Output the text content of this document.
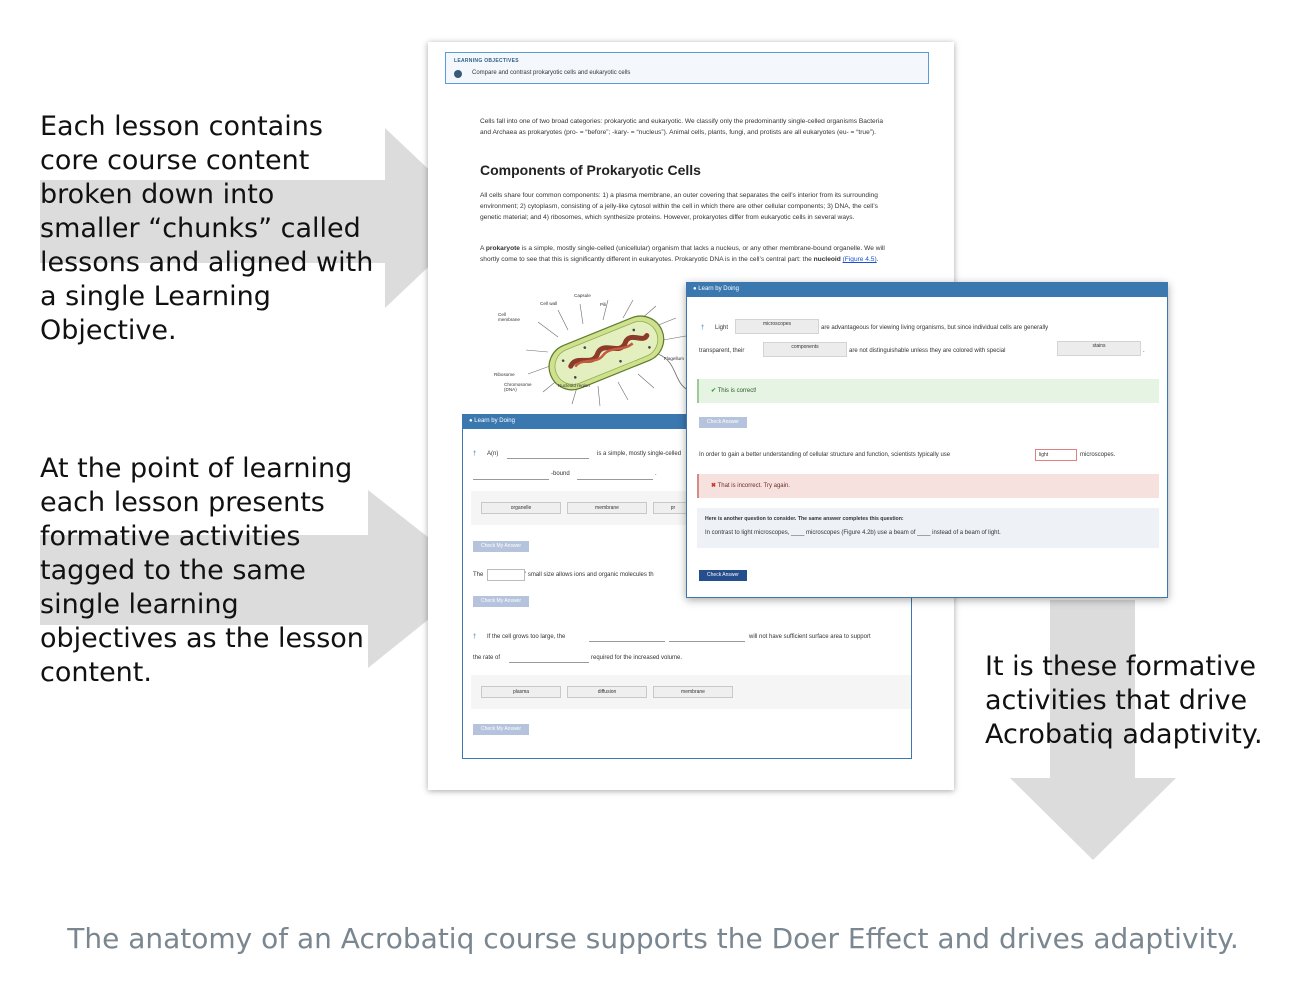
Each lesson contains core course content broken down into smaller “chunks” called lessons and aligned with a single Learning Objective.
At the point of learning each lesson presents formative activities tagged to the same single learning objectives as the lesson content.	It is these formative activities that drive Acrobatiq adaptivity.
LEARNING OBJECTIVES
Compare and contrast prokaryotic cells and eukaryotic cells
Cells fall into one of two broad categories: prokaryotic and eukaryotic. We classify only the predominantly single-celled organisms Bacteria and Archaea as prokaryotes (pro- = “before”; -kary- = “nucleus”). Animal cells, plants, fungi, and protists are all eukaryotes (eu- = “true”).
Components of Prokaryotic Cells
All cells share four common components: 1) a plasma membrane, an outer covering that separates the cell’s interior from its surrounding environment; 2) cytoplasm, consisting of a jelly-like cytosol within the cell in which there are other cellular components; 3) DNA, the cell’s genetic material; and 4) ribosomes, which synthesize proteins. However, prokaryotes differ from eukaryotic cells in several ways.
A prokaryote is a simple, mostly single-celled (unicellular) organism that lacks a nucleus, or any other membrane-bound organelle. We will shortly come to see that this is significantly different in eukaryotes. Prokaryotic DNA is in the cell’s central part: the nucleoid (Figure 4.5).
Pili
Capsule
Cell wall
Cell membrane
Flagellum
Ribosome
Chromosome (DNA)
Nucleoid region
● Learn by Doing
† A(n)	is a simple, mostly single-celled
-bound	.
organelle	membrane	pr
Check My Answer
The	' small size allows ions and organic molecules th
Check My Answer
† If the cell grows too large, the	will not have sufficient surface area to support
the rate of	required for the increased volume.
plasma	diffusion	membrane
Check My Answer
● Learn by Doing
† Light
microscopes
are advantageous for viewing living organisms, but since individual cells are generally
transparent, their
components
are not distinguishable unless they are colored with special
stains
.
✔ This is correct!
Check Answer
In order to gain a better understanding of cellular structure and function, scientists typically use	light	microscopes.
✖ That is incorrect. Try again.
Here is another question to consider. The same answer completes this question:
In contrast to light microscopes, ____ microscopes (Figure 4.2b) use a beam of ____ instead of a beam of light.
Check Answer
The anatomy of an Acrobatiq course supports the Doer Effect and drives adaptivity.
